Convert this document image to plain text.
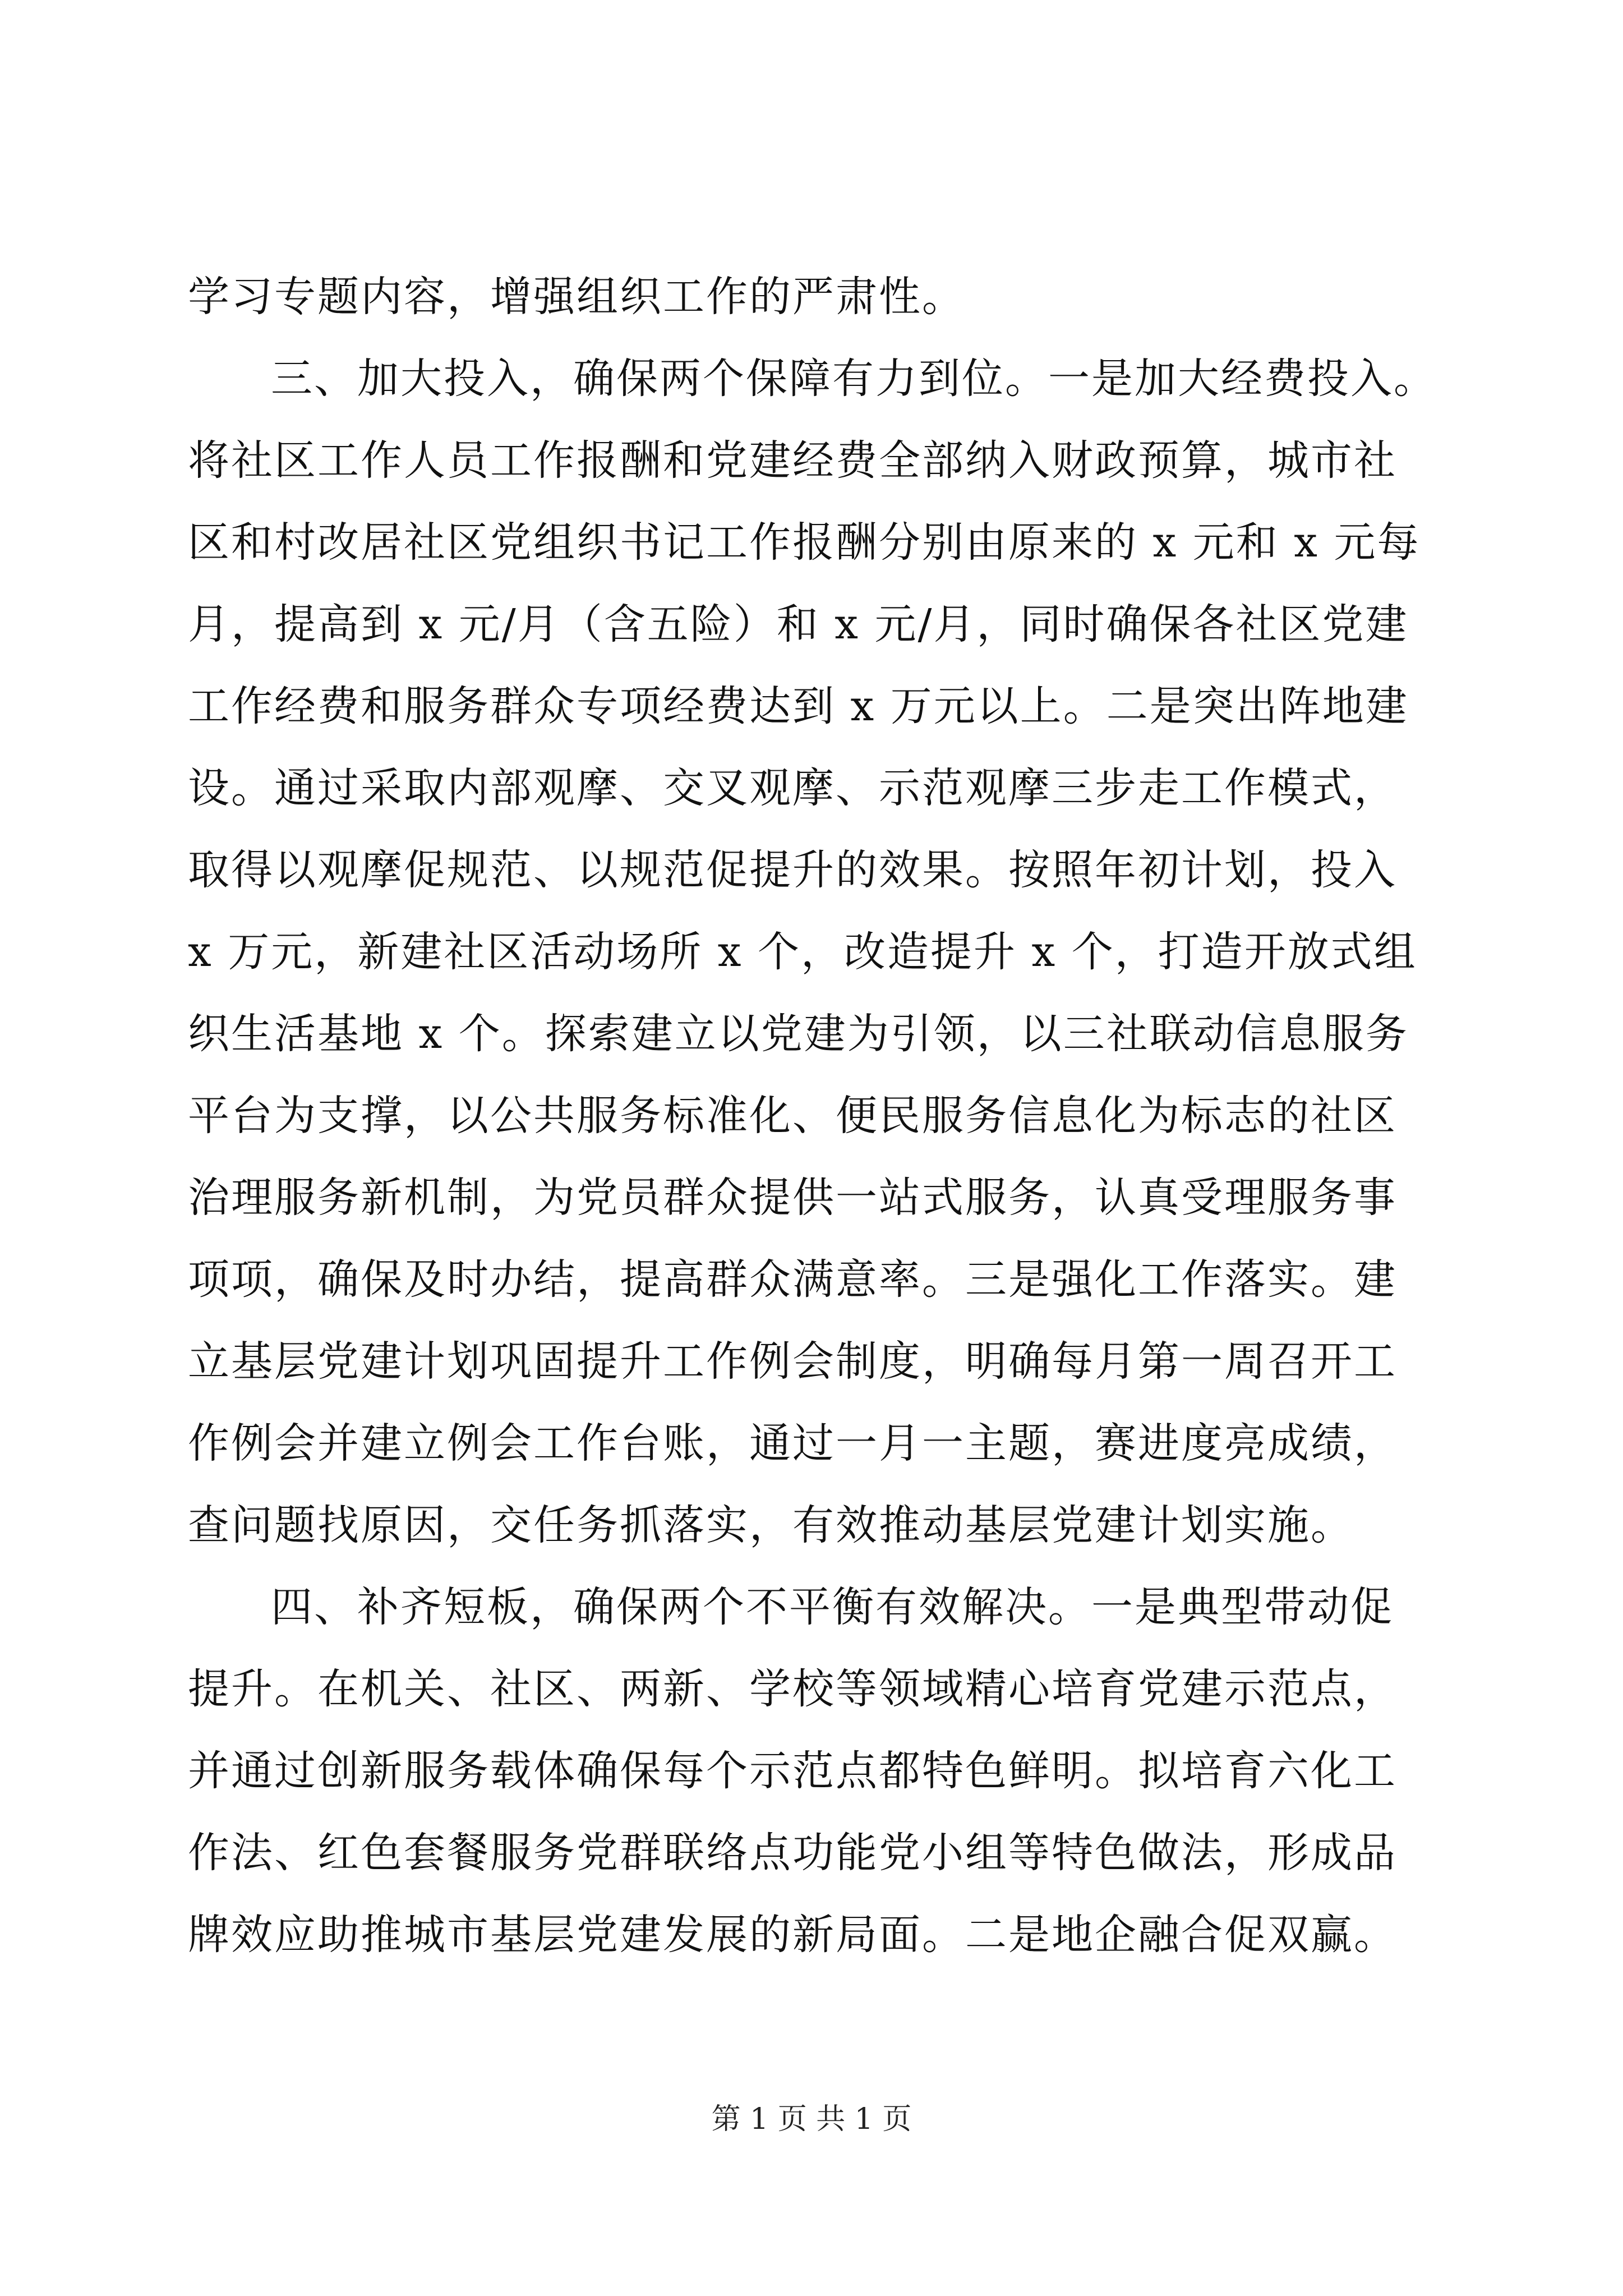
学习专题内容，增强组织工作的严肃性。
三、加大投入，确保两个保障有力到位。一是加大经费投入。
将社区工作人员工作报酬和党建经费全部纳入财政预算，城市社
区和村改居社区党组织书记工作报酬分别由原来的 x 元和 x 元每
月，提高到 x 元/月（含五险）和 x 元/月，同时确保各社区党建
工作经费和服务群众专项经费达到 x 万元以上。二是突出阵地建
设。通过采取内部观摩、交叉观摩、示范观摩三步走工作模式，
取得以观摩促规范、以规范促提升的效果。按照年初计划，投入
x 万元，新建社区活动场所 x 个，改造提升 x 个，打造开放式组
织生活基地 x 个。探索建立以党建为引领，以三社联动信息服务
平台为支撑，以公共服务标准化、便民服务信息化为标志的社区
治理服务新机制，为党员群众提供一站式服务，认真受理服务事
项项，确保及时办结，提高群众满意率。三是强化工作落实。建
立基层党建计划巩固提升工作例会制度，明确每月第一周召开工
作例会并建立例会工作台账，通过一月一主题，赛进度亮成绩，
查问题找原因，交任务抓落实，有效推动基层党建计划实施。
四、补齐短板，确保两个不平衡有效解决。一是典型带动促
提升。在机关、社区、两新、学校等领域精心培育党建示范点，
并通过创新服务载体确保每个示范点都特色鲜明。拟培育六化工
作法、红色套餐服务党群联络点功能党小组等特色做法，形成品
牌效应助推城市基层党建发展的新局面。二是地企融合促双赢。
第 1 页 共 1 页
